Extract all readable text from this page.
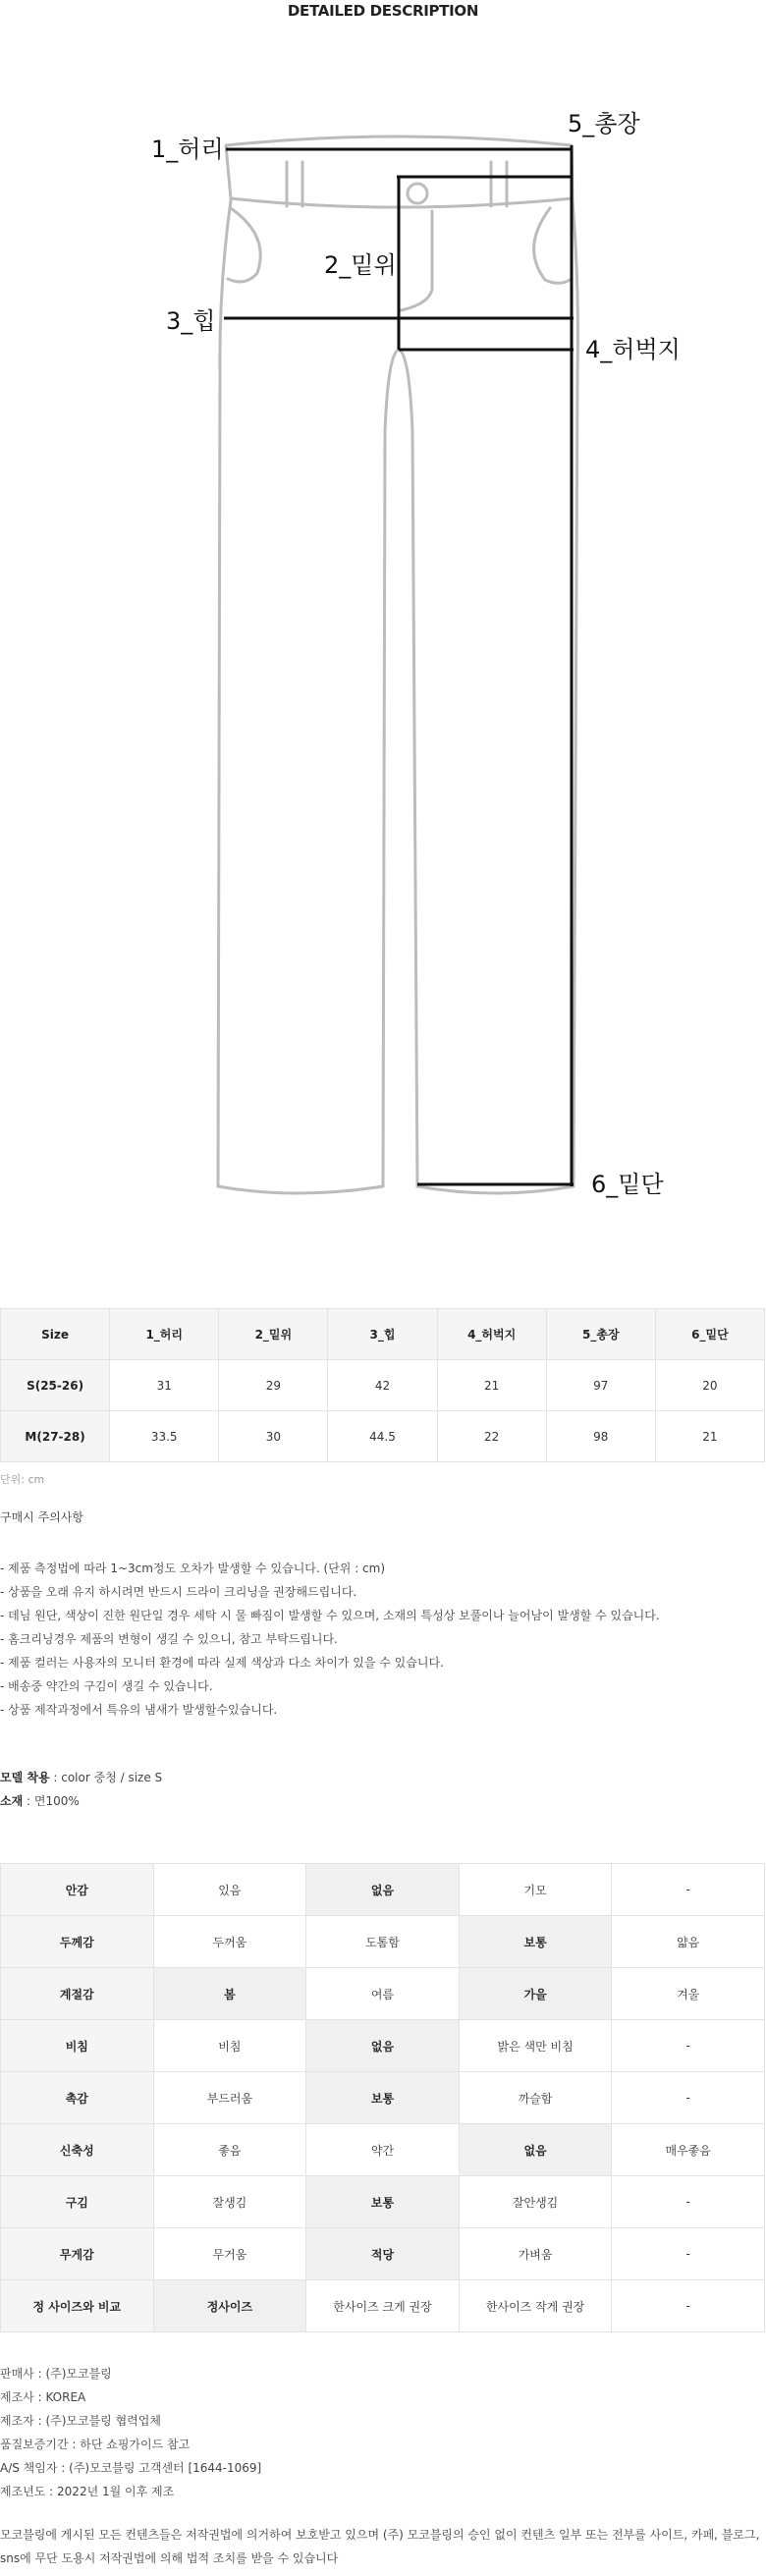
DETAILED DESCRIPTION
1_허리
2_밑위
3_힙
4_허벅지
5_총장
6_밑단
Size	1_허리	2_밑위	3_힙	4_허벅지	5_총장	6_밑단
S(25-26)	31	29	42	21	97	20
M(27-28)	33.5	30	44.5	22	98	21
단위: cm
구매시 주의사항
- 제품 측정법에 따라 1~3cm정도 오차가 발생할 수 있습니다. (단위 : cm)
- 상품을 오래 유지 하시려면 반드시 드라이 크리닝을 권장해드립니다.
- 데님 원단, 색상이 진한 원단일 경우 세탁 시 물 빠짐이 발생할 수 있으며, 소재의 특성상 보풀이나 늘어남이 발생할 수 있습니다.
- 홈크리닝경우 제품의 변형이 생길 수 있으니, 참고 부탁드립니다.
- 제품 컬러는 사용자의 모니터 환경에 따라 실제 색상과 다소 차이가 있을 수 있습니다.
- 배송중 약간의 구김이 생길 수 있습니다.
- 상품 제작과정에서 특유의 냄새가 발생할수있습니다.
모델 착용 : color 중청 / size S
소재 : 면100%
안감	있음	없음	기모	-
두께감	두꺼움	도톰함	보통	얇음
계절감	봄	여름	가을	겨울
비침	비침	없음	밝은 색만 비침	-
촉감	부드러움	보통	까슬함	-
신축성	좋음	약간	없음	매우좋음
구김	잘생김	보통	잘안생김	-
무게감	무거움	적당	가벼움	-
정 사이즈와 비교	정사이즈	한사이즈 크게 권장	한사이즈 작게 권장	-
판매사 : (주)모코블링
제조사 : KOREA
제조자 : (주)모코블링 협력업체
품질보증기간 : 하단 쇼핑가이드 참고
A/S 책임자 : (주)모코블링 고객센터 [1644-1069]
제조년도 : 2022년 1월 이후 제조
모코블링에 게시된 모든 컨텐츠들은 저작권법에 의거하여 보호받고 있으며 (주) 모코블링의 승인 없이 컨텐츠 일부 또는 전부를 사이트, 카페, 블로그, sns에 무단 도용시 저작권법에 의해 법적 조치를 받을 수 있습니다
